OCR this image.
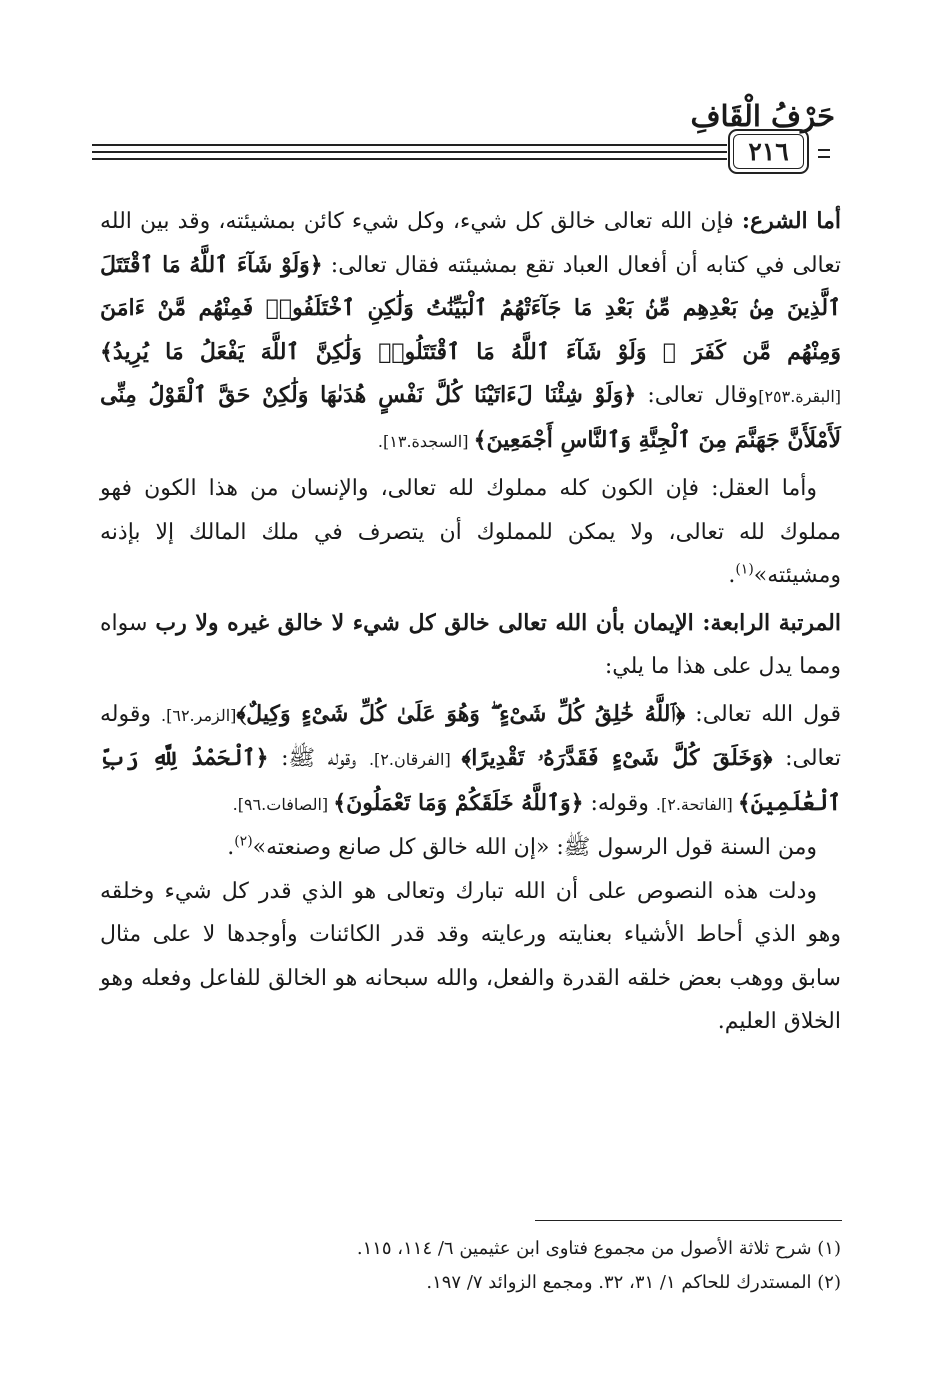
حَرْفُ الْقَافِ
٢١٦

أما الشرع: فإن الله تعالى خالق كل شيء، وكل شيء كائن بمشيئته، وقد بين الله تعالى في كتابه أن أفعال العباد تقع بمشيئته فقال تعالى: ﴿وَلَوْ شَآءَ ٱللَّهُ مَا ٱقْتَتَلَ ٱلَّذِينَ مِنۢ بَعْدِهِم مِّنۢ بَعْدِ مَا جَآءَتْهُمُ ٱلْبَيِّنَٰتُ وَلَٰكِنِ ٱخْتَلَفُوا۟ فَمِنْهُم مَّنْ ءَامَنَ وَمِنْهُم مَّن كَفَرَ ۚ وَلَوْ شَآءَ ٱللَّهُ مَا ٱقْتَتَلُوا۟ وَلَٰكِنَّ ٱللَّهَ يَفْعَلُ مَا يُرِيدُ﴾[البقرة.٢٥٣]وقال تعالى: ﴿وَلَوْ شِئْنَا لَءَاتَيْنَا كُلَّ نَفْسٍ هُدَىٰهَا وَلَٰكِنْ حَقَّ ٱلْقَوْلُ مِنِّى لَأَمْلَأَنَّ جَهَنَّمَ مِنَ ٱلْجِنَّةِ وَٱلنَّاسِ أَجْمَعِينَ﴾ [السجدة.١٣].

وأما العقل: فإن الكون كله مملوك لله تعالى، والإنسان من هذا الكون فهو مملوك لله تعالى، ولا يمكن للمملوك أن يتصرف في ملك المالك إلا بإذنه ومشيئته»$^{(١)}$.

المرتبة الرابعة: الإيمان بأن الله تعالى خالق كل شيء لا خالق غيره ولا رب سواه ومما يدل على هذا ما يلي:

قول الله تعالى: ﴿ٱللَّهُ خَٰلِقُ كُلِّ شَىْءٍ ۖ وَهُوَ عَلَىٰ كُلِّ شَىْءٍ وَكِيلٌ﴾[الزمر.٦٢]. وقوله تعالى: ﴿وَخَلَقَ كُلَّ شَىْءٍ فَقَدَّرَهُۥ تَقْدِيرًا﴾ [الفرقان.٢]. وقوله ﷺ: ﴿ٱلْحَمْدُ لِلَّهِ رَبِّ ٱلْعَٰلَمِينَ﴾ [الفاتحة.٢]. وقوله: ﴿وَٱللَّهُ خَلَقَكُمْ وَمَا تَعْمَلُونَ﴾ [الصافات.٩٦].

ومن السنة قول الرسول ﷺ: «إن الله خالق كل صانع وصنعته»$^{(٢)}$.

ودلت هذه النصوص على أن الله تبارك وتعالى هو الذي قدر كل شيء وخلقه وهو الذي أحاط الأشياء بعنايته ورعايته وقد قدر الكائنات وأوجدها لا على مثال سابق ووهب بعض خلقه القدرة والفعل، والله سبحانه هو الخالق للفاعل وفعله وهو الخلاق العليم.

(١) شرح ثلاثة الأصول من مجموع فتاوى ابن عثيمين ٦/ ١١٤، ١١٥.
(٢) المستدرك للحاكم ١/ ٣١، ٣٢. ومجمع الزوائد ٧/ ١٩٧.
